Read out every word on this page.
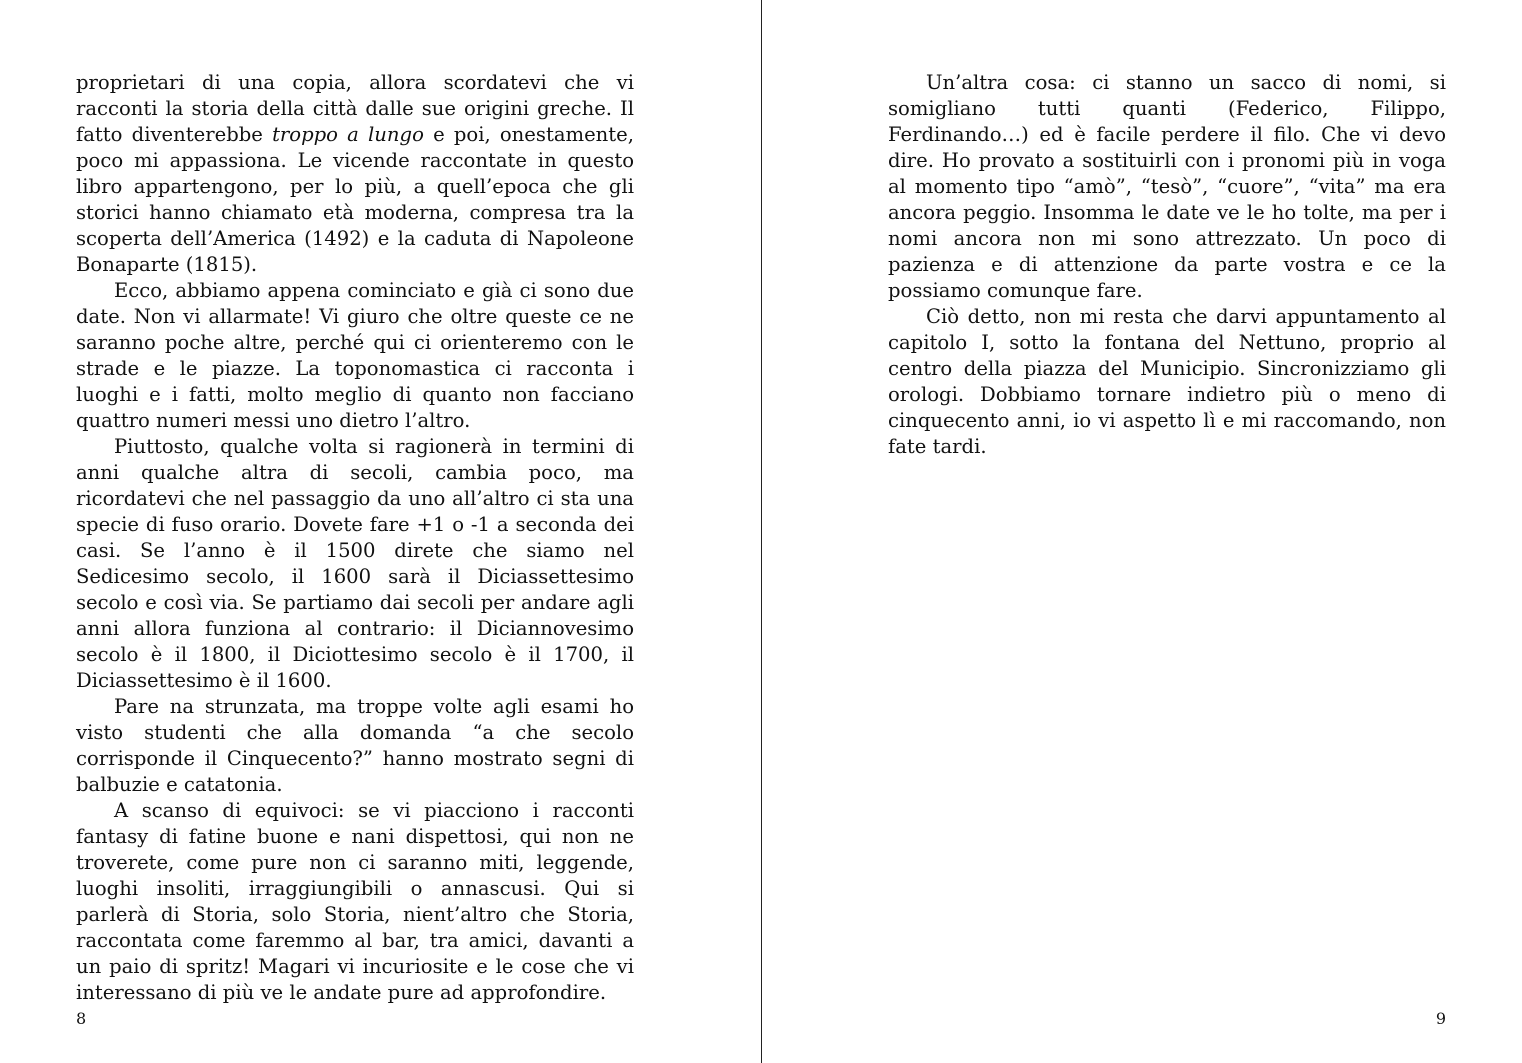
proprietari di una copia, allora scordatevi che vi racconti la storia della città dalle sue origini greche. Il fatto diventerebbe troppo a lungo e poi, onestamente, poco mi appassiona. Le vicende raccontate in questo libro appartengono, per lo più, a quell’epoca che gli storici hanno chiamato età moderna, compresa tra la scoperta dell’America (1492) e la caduta di Napoleone Bonaparte (1815).

Ecco, abbiamo appena cominciato e già ci sono due date. Non vi allarmate! Vi giuro che oltre queste ce ne saranno poche altre, perché qui ci orienteremo con le strade e le piazze. La toponomastica ci racconta i luoghi e i fatti, molto meglio di quanto non facciano quattro numeri messi uno dietro l’altro.

Piuttosto, qualche volta si ragionerà in termini di anni qualche altra di secoli, cambia poco, ma ricordatevi che nel passaggio da uno all’altro ci sta una specie di fuso orario. Dovete fare +1 o -1 a seconda dei casi. Se l’anno è il 1500 direte che siamo nel Sedicesimo secolo, il 1600 sarà il Diciassettesimo secolo e così via. Se partiamo dai secoli per andare agli anni allora funziona al contrario: il Diciannovesimo secolo è il 1800, il Diciottesimo secolo è il 1700, il Diciassettesimo è il 1600.

Pare na strunzata, ma troppe volte agli esami ho visto studenti che alla domanda “a che secolo corrisponde il Cinquecento?” hanno mostrato segni di balbuzie e catatonia.

A scanso di equivoci: se vi piacciono i racconti fantasy di fatine buone e nani dispettosi, qui non ne troverete, come pure non ci saranno miti, leggende, luoghi insoliti, irraggiungibili o annascusi. Qui si parlerà di Storia, solo Storia, nient’altro che Storia, raccontata come faremmo al bar, tra amici, davanti a un paio di spritz! Magari vi incuriosite e le cose che vi interessano di più ve le andate pure ad approfondire.

8

Un’altra cosa: ci stanno un sacco di nomi, si somigliano tutti quanti (Federico, Filippo, Ferdinando…) ed è facile perdere il filo. Che vi devo dire. Ho provato a sostituirli con i pronomi più in voga al momento tipo “amò”, “tesò”, “cuore”, “vita” ma era ancora peggio. Insomma le date ve le ho tolte, ma per i nomi ancora non mi sono attrezzato. Un poco di pazienza e di attenzione da parte vostra e ce la possiamo comunque fare.

Ciò detto, non mi resta che darvi appuntamento al capitolo I, sotto la fontana del Nettuno, proprio al centro della piazza del Municipio. Sincronizziamo gli orologi. Dobbiamo tornare indietro più o meno di cinquecento anni, io vi aspetto lì e mi raccomando, non fate tardi.

9
